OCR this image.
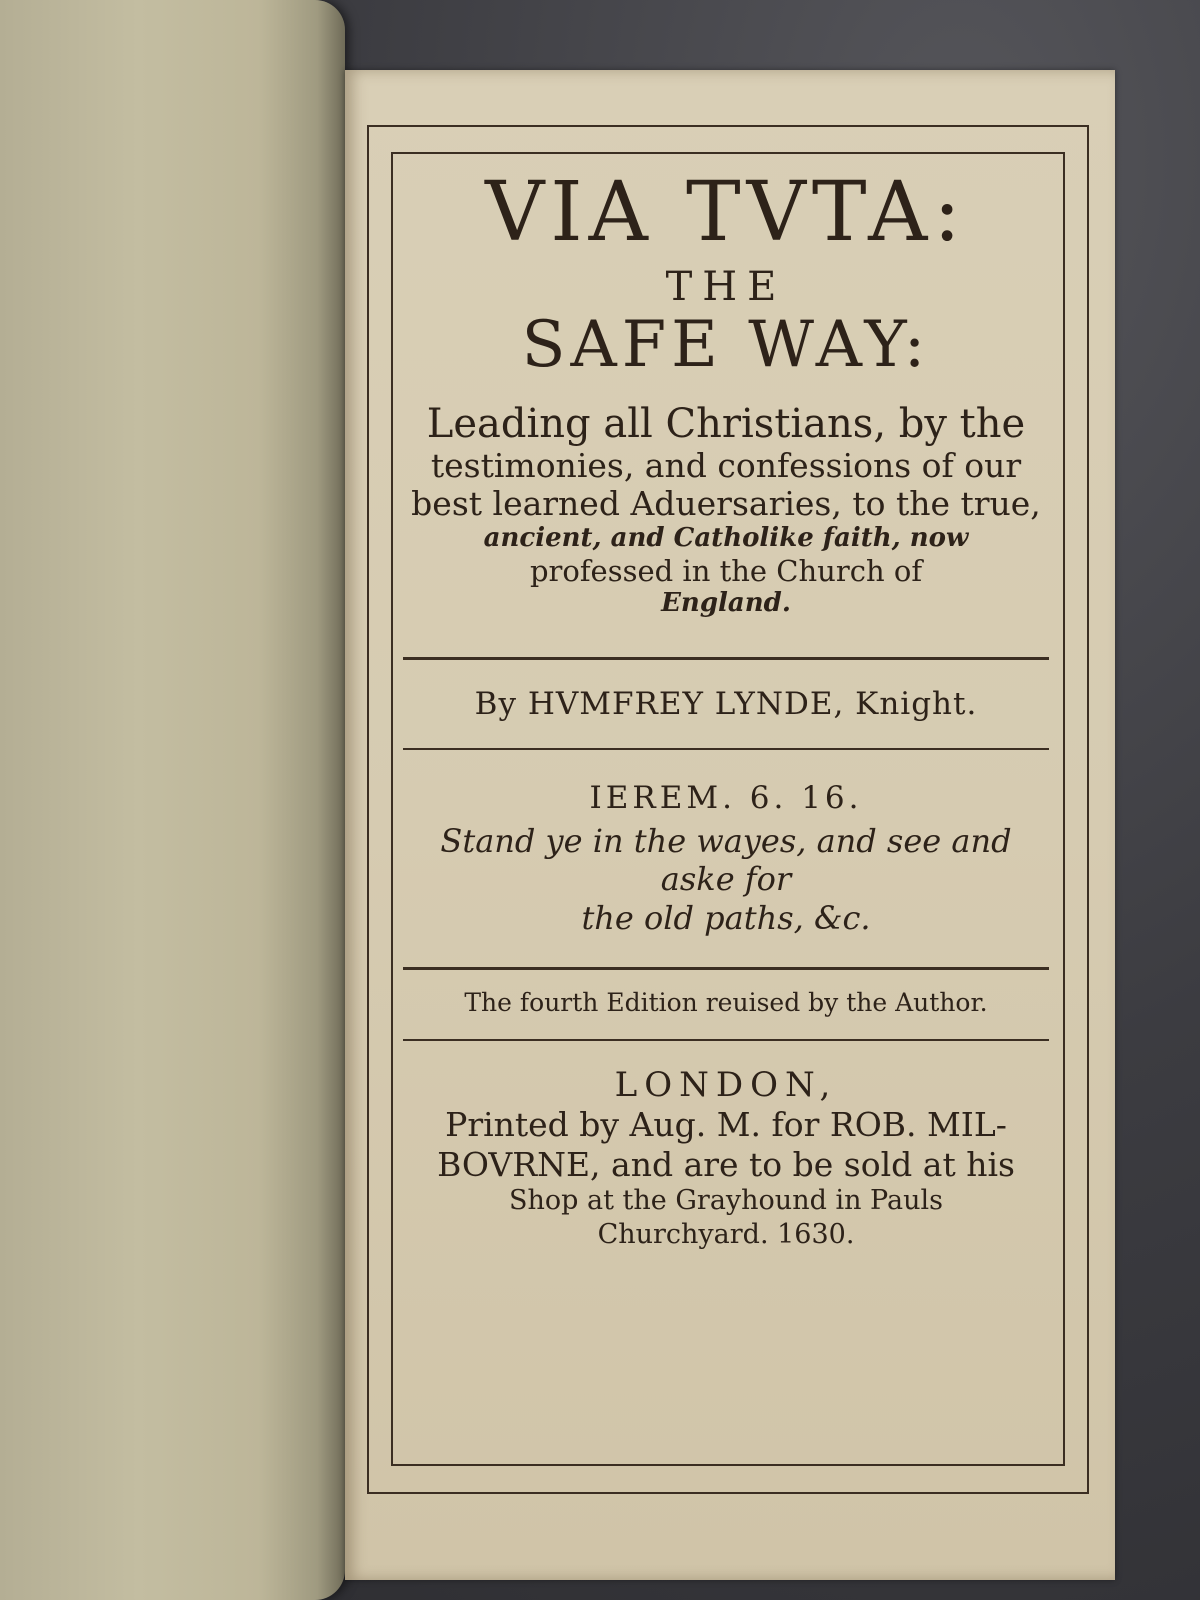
VIA TVTA:
THE
SAFE WAY:
Leading all Christians, by the
testimonies, and confessions of our
best learned Aduersaries, to the true,
ancient, and Catholike faith, now
professed in the Church of
England.
By HVMFREY LYNDE, Knight.
IEREM. 6. 16.
Stand ye in the wayes, and see and aske for
the old paths, &c.
The fourth Edition reuised by the Author.
LONDON,
Printed by Aug. M. for ROB. MIL-
BOVRNE, and are to be sold at his
Shop at the Grayhound in Pauls
Churchyard. 1630.
